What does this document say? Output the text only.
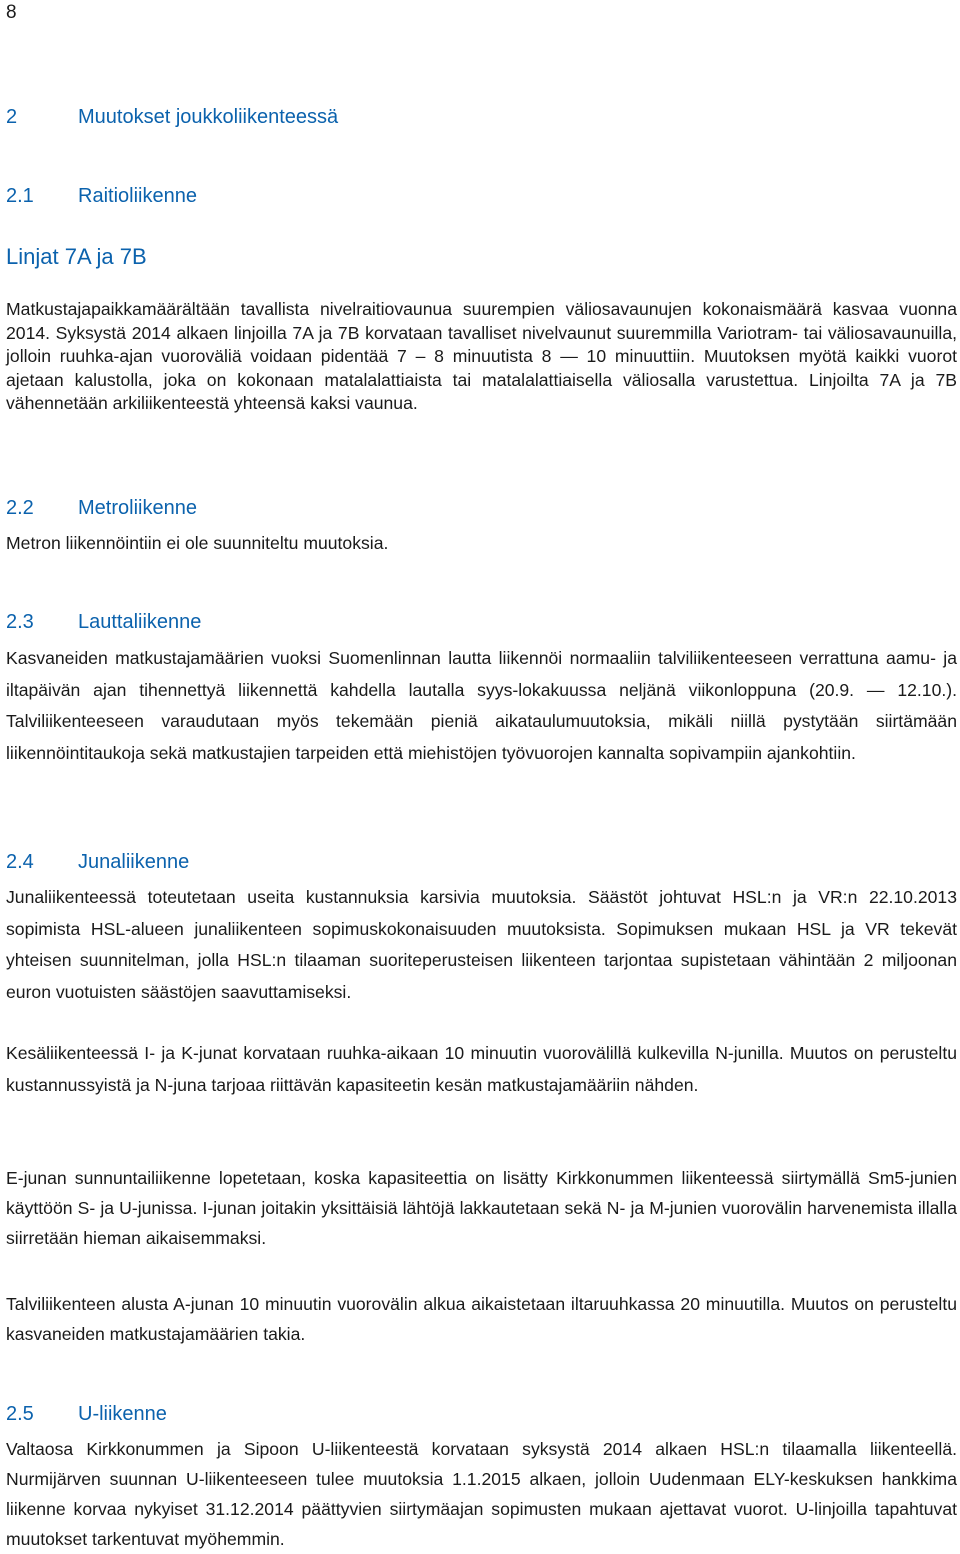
8
2	Muutokset joukkoliikenteessä
2.1 Raitioliikenne
Linjat 7A ja 7B

Matkustajapaikkamäärältään tavallista nivelraitiovaunua suurempien väliosavaunujen kokonaismäärä kasvaa vuonna 2014. Syksystä 2014 alkaen linjoilla 7A ja 7B korvataan tavalliset nivelvaunut suuremmilla Variotram- tai väliosavaunuilla, jolloin ruuhka-ajan vuoroväliä voidaan pidentää 7 – 8 minuutista 8 — 10 minuuttiin. Muutoksen myötä kaikki vuorot ajetaan kalustolla, joka on kokonaan matalalattiaista tai matalalattiaisella väliosalla varustettua. Linjoilta 7A ja 7B vähennetään arkiliikenteestä yhteensä kaksi vaunua.

2.2 Metroliikenne

Metron liikennöintiin ei ole suunniteltu muutoksia.

2.3 Lauttaliikenne

Kasvaneiden matkustajamäärien vuoksi Suomenlinnan lautta liikennöi normaaliin talviliikenteeseen verrattuna aamu- ja iltapäivän ajan tihennettyä liikennettä kahdella lautalla syys-lokakuussa neljänä viikonloppuna (20.9. — 12.10.). Talviliikenteeseen varaudutaan myös tekemään pieniä aikataulumuutoksia, mikäli niillä pystytään siirtämään liikennöintitaukoja sekä matkustajien tarpeiden että miehistöjen työvuorojen kannalta sopivampiin ajankohtiin.

2.4 Junaliikenne

Junaliikenteessä toteutetaan useita kustannuksia karsivia muutoksia. Säästöt johtuvat HSL:n ja VR:n 22.10.2013 sopimista HSL-alueen junaliikenteen sopimuskokonaisuuden muutoksista. Sopimuksen mukaan HSL ja VR tekevät yhteisen suunnitelman, jolla HSL:n tilaaman suoriteperusteisen liikenteen tarjontaa supistetaan vähintään 2 miljoonan euron vuotuisten säästöjen saavuttamiseksi.

Kesäliikenteessä I- ja K-junat korvataan ruuhka-aikaan 10 minuutin vuorovälillä kulkevilla N-junilla. Muutos on perusteltu kustannussyistä ja N-juna tarjoaa riittävän kapasiteetin kesän matkustajamääriin nähden.

E-junan sunnuntailiikenne lopetetaan, koska kapasiteettia on lisätty Kirkkonummen liikenteessä siirtymällä Sm5-junien käyttöön S- ja U-junissa. I-junan joitakin yksittäisiä lähtöjä lakkautetaan sekä N- ja M-junien vuorovälin harvenemista illalla siirretään hieman aikaisemmaksi.

Talviliikenteen alusta A-junan 10 minuutin vuorovälin alkua aikaistetaan iltaruuhkassa 20 minuutilla. Muutos on perusteltu kasvaneiden matkustajamäärien takia.

2.5 U-liikenne

Valtaosa Kirkkonummen ja Sipoon U-liikenteestä korvataan syksystä 2014 alkaen HSL:n tilaamalla liikenteellä. Nurmijärven suunnan U-liikenteeseen tulee muutoksia 1.1.2015 alkaen, jolloin Uudenmaan ELY-keskuksen hankkima liikenne korvaa nykyiset 31.12.2014 päättyvien siirtymäajan sopimusten mukaan ajettavat vuorot. U-linjoilla tapahtuvat muutokset tarkentuvat myöhemmin.
